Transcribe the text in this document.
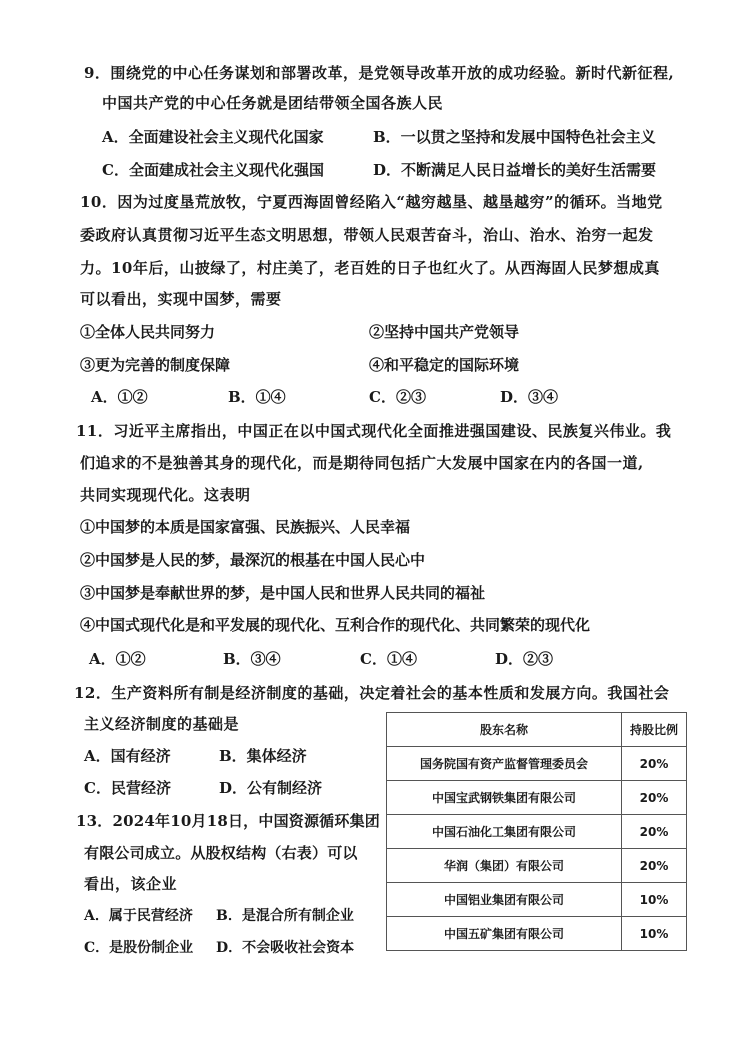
9．围绕党的中心任务谋划和部署改革，是党领导改革开放的成功经验。新时代新征程,
中国共产党的中心任务就是团结带领全国各族人民
A．全面建设社会主义现代化国家	B．一以贯之坚持和发展中国特色社会主义
C．全面建成社会主义现代化强国	D．不断满足人民日益增长的美好生活需要
10．因为过度垦荒放牧，宁夏西海固曾经陷入“越穷越垦、越垦越穷”的循环。当地党
委政府认真贯彻习近平生态文明思想，带领人民艰苦奋斗，治山、治水、治穷一起发
力。10年后，山披绿了，村庄美了，老百姓的日子也红火了。从西海固人民梦想成真
可以看出，实现中国梦，需要
①全体人民共同努力	②坚持中国共产党领导
③更为完善的制度保障	④和平稳定的国际环境
A．①②	B．①④	C．②③	D．③④
11．习近平主席指出，中国正在以中国式现代化全面推进强国建设、民族复兴伟业。我
们追求的不是独善其身的现代化，而是期待同包括广大发展中国家在内的各国一道,
共同实现现代化。这表明
①中国梦的本质是国家富强、民族振兴、人民幸福
②中国梦是人民的梦，最深沉的根基在中国人民心中
③中国梦是奉献世界的梦，是中国人民和世界人民共同的福祉
④中国式现代化是和平发展的现代化、互利合作的现代化、共同繁荣的现代化
A．①②	B．③④	C．①④	D．②③
12．生产资料所有制是经济制度的基础，决定着社会的基本性质和发展方向。我国社会
主义经济制度的基础是
A．国有经济	B．集体经济
C．民营经济	D．公有制经济
13．2024年10月18日，中国资源循环集团
有限公司成立。从股权结构（右表）可以
看出，该企业
A．属于民营经济 B．是混合所有制企业
C．是股份制企业 D．不会吸收社会资本
股东名称	持股比例
国务院国有资产监督管理委员会	20%
中国宝武钢铁集团有限公司	20%
中国石油化工集团有限公司	20%
华润（集团）有限公司	20%
中国铝业集团有限公司	10%
中国五矿集团有限公司	10%
